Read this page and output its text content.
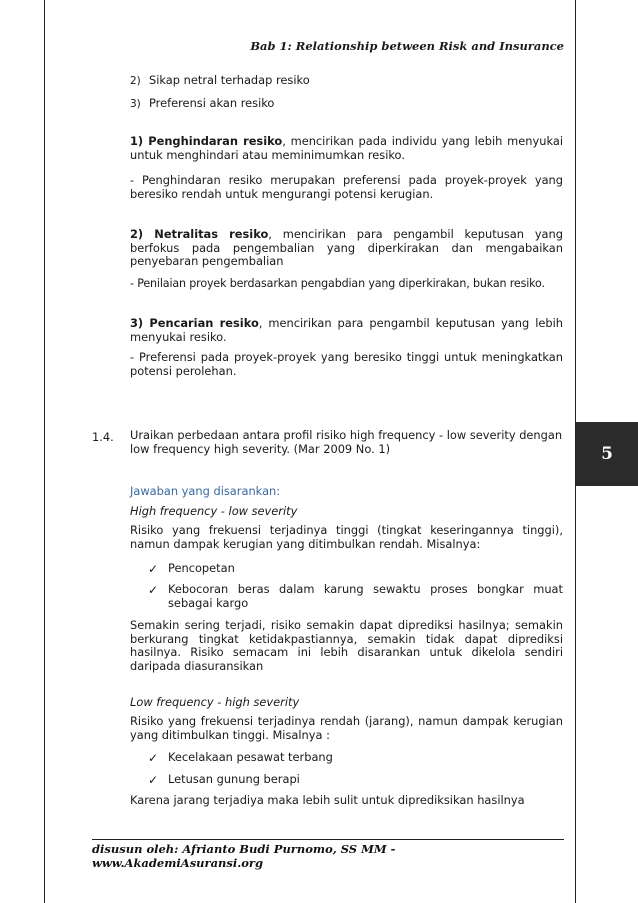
Bab 1: Relationship between Risk and Insurance
5
2) Sikap netral terhadap resiko
3) Preferensi akan resiko
1) Penghindaran resiko, mencirikan pada individu yang lebih menyukai untuk menghindari atau meminimumkan resiko.
- Penghindaran resiko merupakan preferensi pada proyek-proyek yang beresiko rendah untuk mengurangi potensi kerugian.
2) Netralitas resiko, mencirikan para pengambil keputusan yang berfokus pada pengembalian yang diperkirakan dan mengabaikan penyebaran pengembalian
- Penilaian proyek berdasarkan pengabdian yang diperkirakan, bukan resiko.
3) Pencarian resiko, mencirikan para pengambil keputusan yang lebih menyukai resiko.
- Preferensi pada proyek-proyek yang beresiko tinggi untuk meningkatkan potensi perolehan.
1.4. Uraikan perbedaan antara profil risiko high frequency - low severity dengan low frequency high severity. (Mar 2009 No. 1)
Jawaban yang disarankan:
High frequency - low severity
Risiko yang frekuensi terjadinya tinggi (tingkat keseringannya tinggi), namun dampak kerugian yang ditimbulkan rendah. Misalnya:
✓ Pencopetan
✓ Kebocoran beras dalam karung sewaktu proses bongkar muat sebagai kargo
Semakin sering terjadi, risiko semakin dapat diprediksi hasilnya; semakin berkurang tingkat ketidakpastiannya, semakin tidak dapat diprediksi hasilnya. Risiko semacam ini lebih disarankan untuk dikelola sendiri daripada diasuransikan
Low frequency - high severity
Risiko yang frekuensi terjadinya rendah (jarang), namun dampak kerugian yang ditimbulkan tinggi. Misalnya :
✓ Kecelakaan pesawat terbang
✓ Letusan gunung berapi
Karena jarang terjadiya maka lebih sulit untuk diprediksikan hasilnya
disusun oleh: Afrianto Budi Purnomo, SS MM - www.AkademiAsuransi.org
